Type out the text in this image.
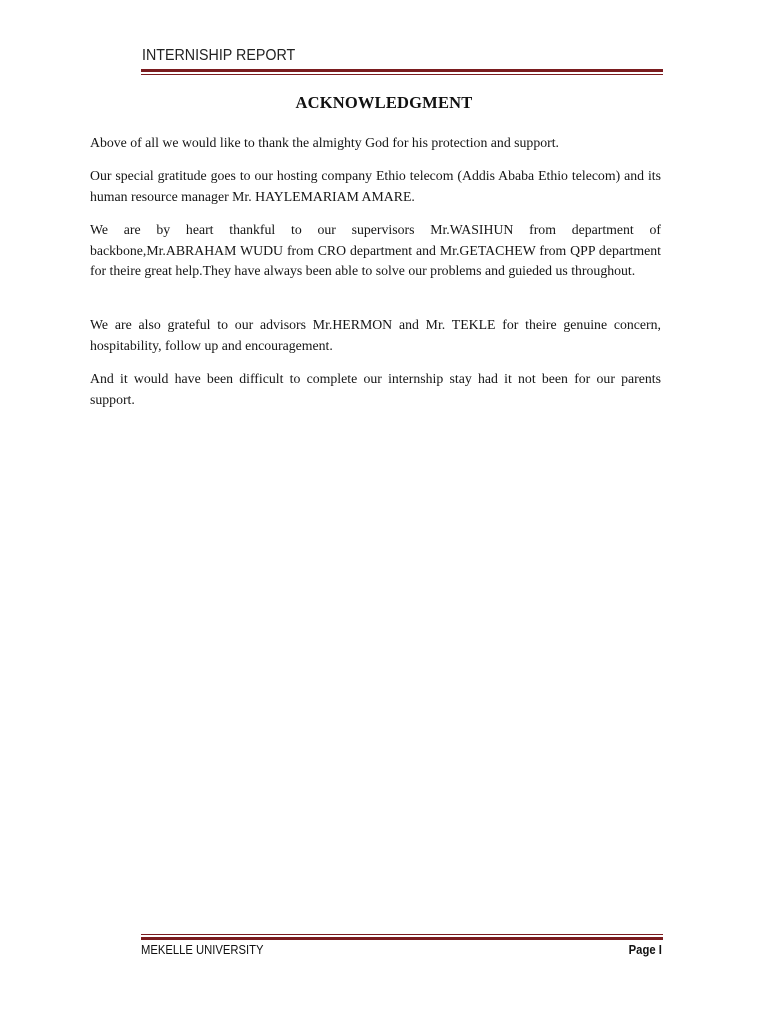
INTERNISHIP REPORT
ACKNOWLEDGMENT
Above of all we would like to thank the almighty God for his protection and support.
Our special gratitude goes to our hosting company Ethio telecom (Addis Ababa Ethio telecom) and its human resource manager Mr. HAYLEMARIAM AMARE.
We are by heart thankful to our supervisors Mr.WASIHUN from department of backbone,Mr.ABRAHAM WUDU from CRO department and Mr.GETACHEW from QPP department for theire great help.They have always been able to solve our problems and guieded us throughout.
We are also grateful to our advisors Mr.HERMON and Mr. TEKLE for theire genuine concern, hospitability, follow up and encouragement.
And it would have been difficult to complete our internship stay had it not been for our parents support.
MEKELLE UNIVERSITY	Page I
